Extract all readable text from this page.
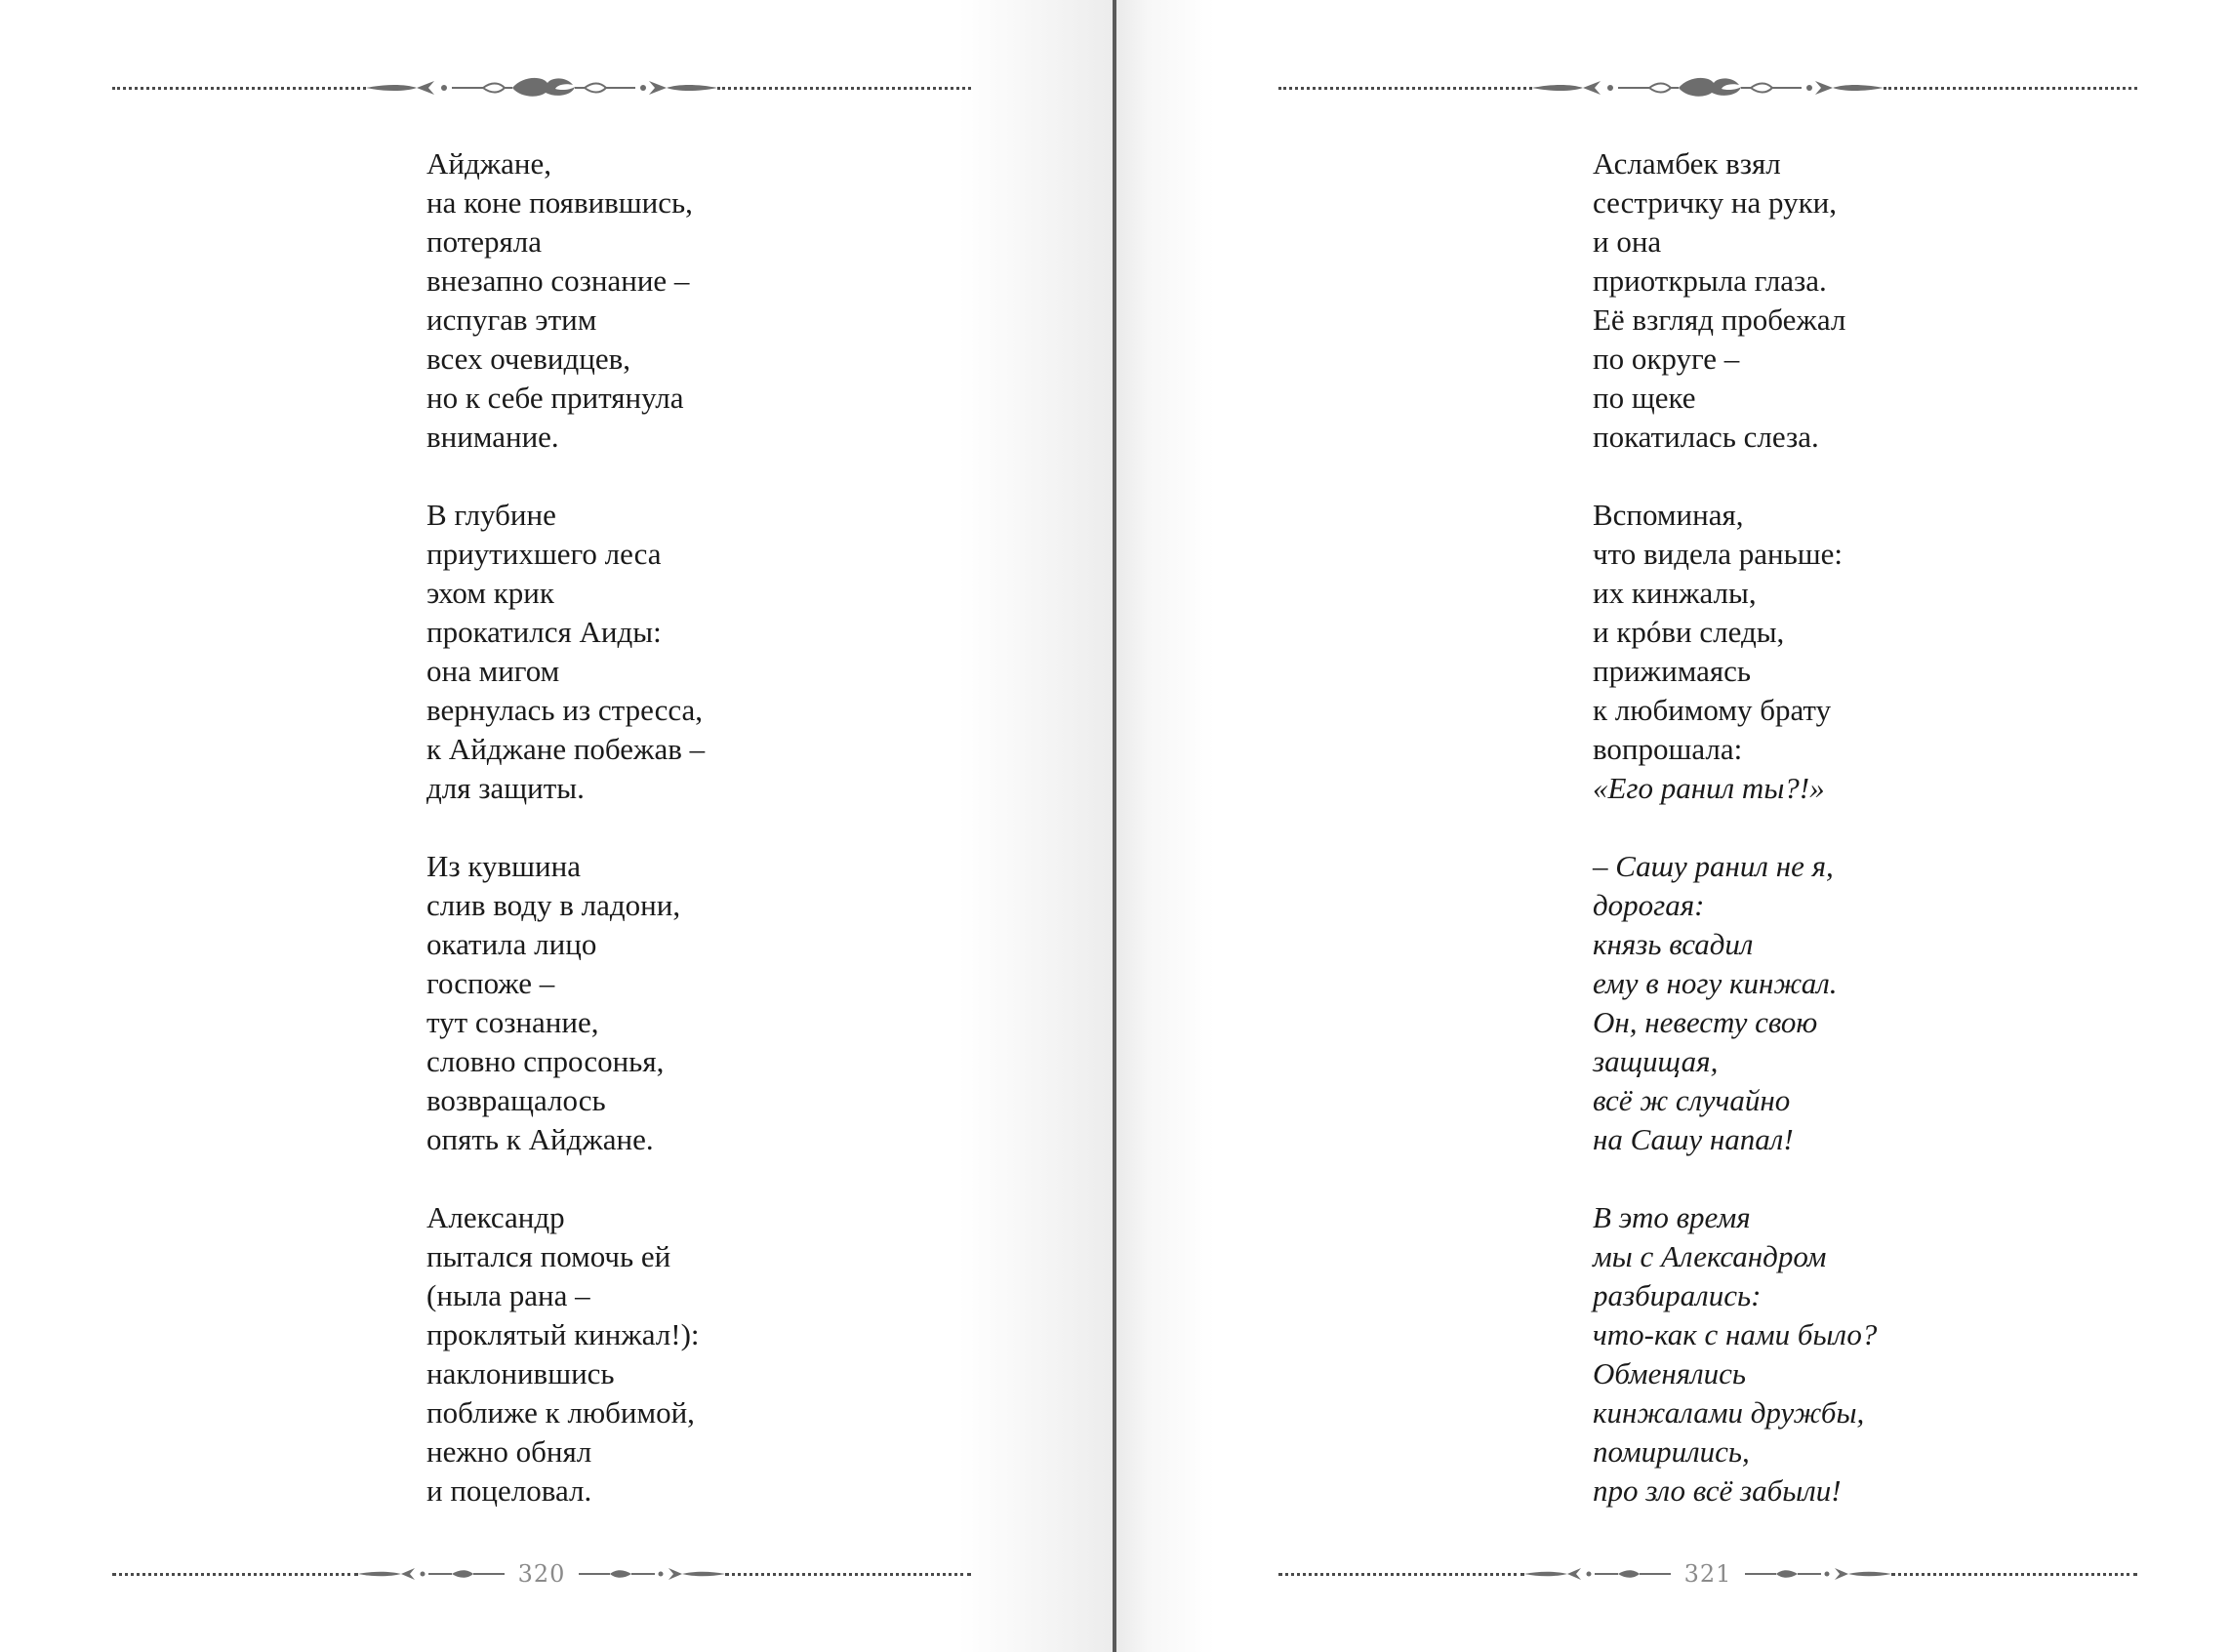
Айджане,
на коне появившись,
потеряла
внезапно сознание –
испугав этим
всех очевидцев,
но к себе притянула
внимание.
В глубине
приутихшего леса
эхом крик
прокатился Аиды:
она мигом
вернулась из стресса,
к Айджане побежав –
для защиты.
Из кувшина
слив воду в ладони,
окатила лицо
госпоже –
тут сознание,
словно спросонья,
возвращалось
опять к Айджане.
Александр
пытался помочь ей
(ныла рана –
проклятый кинжал!):
наклонившись
поближе к любимой,
нежно обнял
и поцеловал.
320
Асламбек взял
сестричку на руки,
и она
приоткрыла глаза.
Её взгляд пробежал
по округе –
по щеке
покатилась слеза.
Вспоминая,
что видела раньше:
их кинжалы,
и крóви следы,
прижимаясь
к любимому брату
вопрошала:
«Его ранил ты?!»
– Сашу ранил не я,
дорогая:
князь всадил
ему в ногу кинжал.
Он, невесту свою
защищая,
всё ж случайно
на Сашу напал!
В это время
мы с Александром
разбирались:
что-как с нами было?
Обменялись
кинжалами дружбы,
помирились,
про зло всё забыли!
321
